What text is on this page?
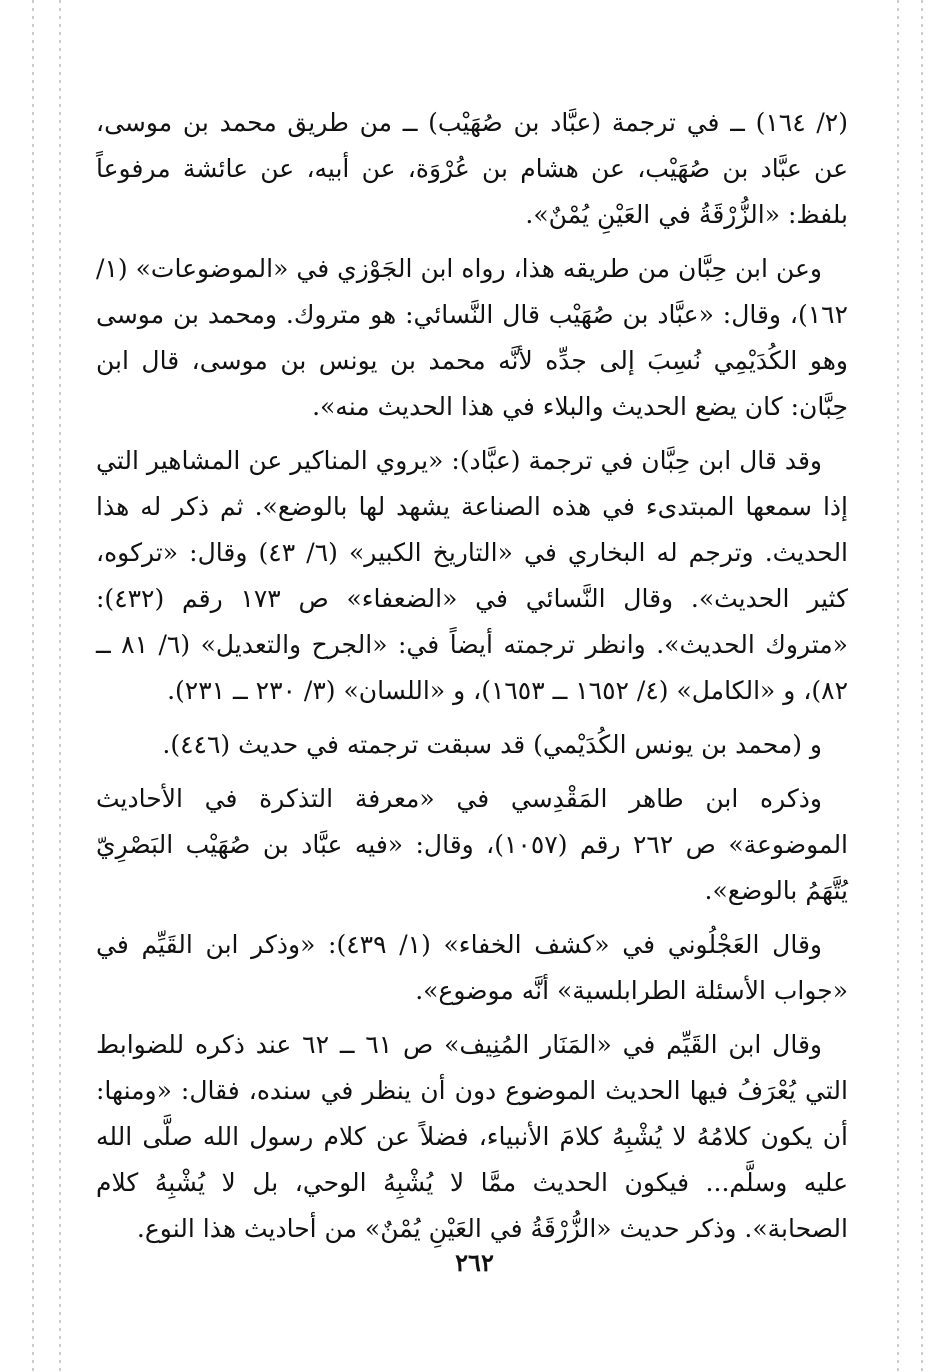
(٢/ ١٦٤) ــ في ترجمة (عبَّاد بن صُهَيْب) ــ من طريق محمد بن موسى، عن عبَّاد بن صُهَيْب، عن هشام بن عُرْوَة، عن أبيه، عن عائشة مرفوعاً بلفظ: «الزُّرْقَةُ في العَيْنِ يُمْنٌ».

وعن ابن حِبَّان من طريقه هذا، رواه ابن الجَوْزي في «الموضوعات» (١/ ١٦٢)، وقال: «عبَّاد بن صُهَيْب قال النَّسائي: هو متروك. ومحمد بن موسى وهو الكُدَيْمِي نُسِبَ إلى جدِّه لأنَّه محمد بن يونس بن موسى، قال ابن حِبَّان: كان يضع الحديث والبلاء في هذا الحديث منه».

وقد قال ابن حِبَّان في ترجمة (عبَّاد): «يروي المناكير عن المشاهير التي إذا سمعها المبتدىء في هذه الصناعة يشهد لها بالوضع». ثم ذكر له هذا الحديث. وترجم له البخاري في «التاريخ الكبير» (٦/ ٤٣) وقال: «تركوه، كثير الحديث». وقال النَّسائي في «الضعفاء» ص ١٧٣ رقم (٤٣٢): «متروك الحديث». وانظر ترجمته أيضاً في: «الجرح والتعديل» (٦/ ٨١ ــ ٨٢)، و «الكامل» (٤/ ١٦٥٢ ــ ١٦٥٣)، و «اللسان» (٣/ ٢٣٠ ــ ٢٣١).

و (محمد بن يونس الكُدَيْمي) قد سبقت ترجمته في حديث (٤٤٦).

وذكره ابن طاهر المَقْدِسي في «معرفة التذكرة في الأحاديث الموضوعة» ص ٢٦٢ رقم (١٠٥٧)، وقال: «فيه عبَّاد بن صُهَيْب البَصْرِيّ يُتَّهَمُ بالوضع».

وقال العَجْلُوني في «كشف الخفاء» (١/ ٤٣٩): «وذكر ابن القَيِّم في «جواب الأسئلة الطرابلسية» أنَّه موضوع».

وقال ابن القَيِّم في «المَنَار المُنِيف» ص ٦١ ــ ٦٢ عند ذكره للضوابط التي يُعْرَفُ فيها الحديث الموضوع دون أن ينظر في سنده، فقال: «ومنها: أن يكون كلامُهُ لا يُشْبِهُ كلامَ الأنبياء، فضلاً عن كلام رسول الله صلَّى الله عليه وسلَّم... فيكون الحديث ممَّا لا يُشْبِهُ الوحي، بل لا يُشْبِهُ كلام الصحابة». وذكر حديث «الزُّرْقَةُ في العَيْنِ يُمْنٌ» من أحاديث هذا النوع.

٢٦٢
